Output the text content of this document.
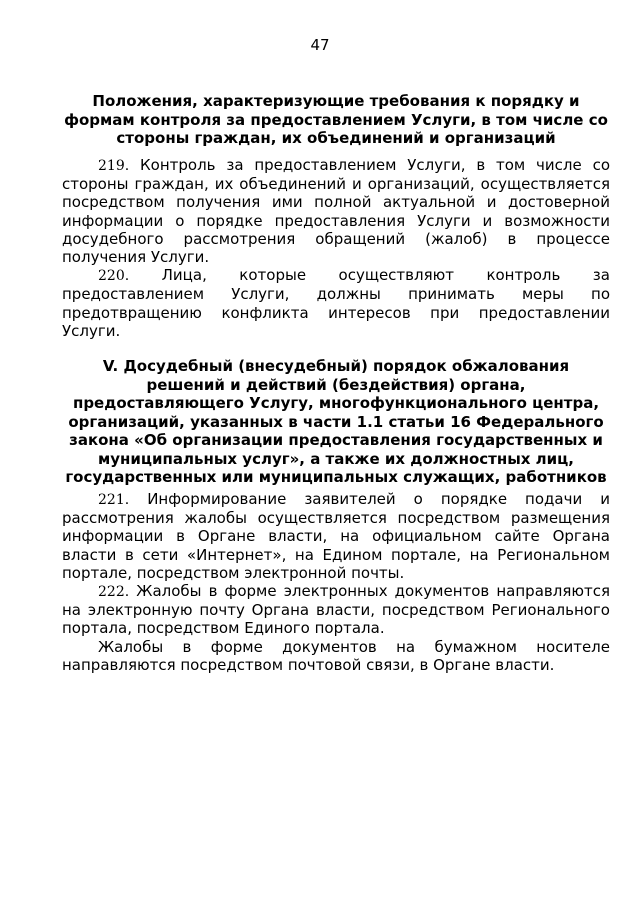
47
Положения, характеризующие требования к порядку и
формам контроля за предоставлением Услуги, в том числе со
стороны граждан, их объединений и организаций

219. Контроль за предоставлением Услуги, в том числе со стороны граждан, их объединений и организаций, осуществляется посредством получения ими полной актуальной и достоверной информации о порядке предоставления Услуги и возможности досудебного рассмотрения обращений (жалоб) в процессе получения Услуги.

220. Лица, которые осуществляют контроль за предоставлением Услуги, должны принимать меры по предотвращению конфликта интересов при предоставлении Услуги.

V. Досудебный (внесудебный) порядок обжалования
решений и действий (бездействия) органа,
предоставляющего Услугу, многофункционального центра,
организаций, указанных в части 1.1 статьи 16 Федерального
закона «Об организации предоставления государственных и
муниципальных услуг», а также их должностных лиц,
государственных или муниципальных служащих, работников

221. Информирование заявителей о порядке подачи и рассмотрения жалобы осуществляется посредством размещения информации в Органе власти, на официальном сайте Органа власти в сети «Интернет», на Едином портале, на Региональном портале, посредством электронной почты.

222. Жалобы в форме электронных документов направляются на электронную почту Органа власти, посредством Регионального портала, посредством Единого портала.

Жалобы в форме документов на бумажном носителе направляются посредством почтовой связи, в Органе власти.
